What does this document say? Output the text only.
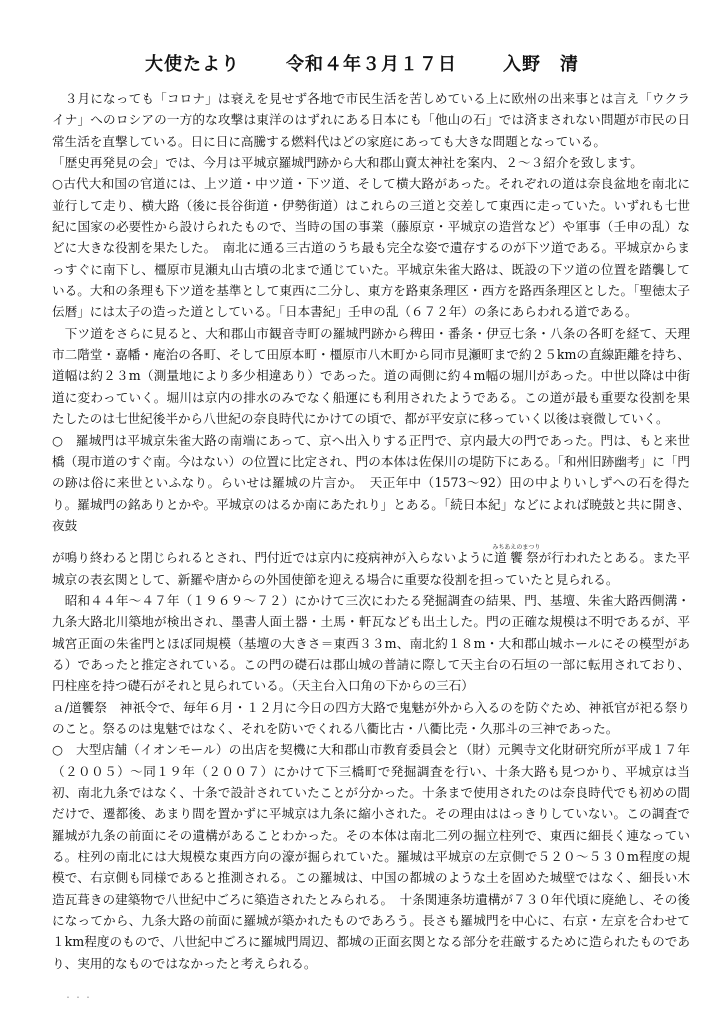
大使たより	令和４年３月１７日	入野　清

　３月になっても「コロナ」は衰えを見せず各地で市民生活を苦しめている上に欧州の出来事とは言え「ウクライナ」へのロシアの一方的な攻撃は東洋のはずれにある日本にも「他山の石」では済まされない問題が市民の日常生活を直撃している。日に日に高騰する燃料代はどの家庭にあっても大きな問題となっている。

「歴史再発見の会」では、今月は平城京羅城門跡から大和郡山賣太神社を案内、２～３紹介を致します。

○古代大和国の官道には、上ツ道・中ツ道・下ツ道、そして横大路があった。それぞれの道は奈良盆地を南北に並行して走り、横大路（後に長谷街道・伊勢街道）はこれらの三道と交差して東西に走っていた。いずれも七世紀に国家の必要性から設けられたもので、当時の国の事業（藤原京・平城京の造営など）や軍事（壬申の乱）などに大きな役割を果たした。　南北に通る三古道のうち最も完全な姿で遺存するのが下ツ道である。平城京からまっすぐに南下し、橿原市見瀬丸山古墳の北まで通じていた。平城京朱雀大路は、既設の下ツ道の位置を踏襲している。大和の条理も下ツ道を基準として東西に二分し、東方を路東条理区・西方を路西条理区とした。「聖徳太子伝暦」には太子の造った道としている。「日本書紀」壬申の乱（６７２年）の条にあらわれる道である。

　下ツ道をさらに見ると、大和郡山市観音寺町の羅城門跡から稗田・番条・伊豆七条・八条の各町を経て、天理市二階堂・嘉幡・庵治の各町、そして田原本町・橿原市八木町から同市見瀬町まで約２５kmの直線距離を持ち、道幅は約２３m（測量地により多少相違あり）であった。道の両側に約４m幅の堀川があった。中世以降は中街道に変わっていく。堀川は京内の排水のみでなく船運にも利用されたようである。この道が最も重要な役割を果たしたのは七世紀後半から八世紀の奈良時代にかけての頃で、都が平安京に移っていく以後は衰微していく。

○　羅城門は平城京朱雀大路の南端にあって、京へ出入りする正門で、京内最大の門であった。門は、もと来世橋（現市道のすぐ南。今はない）の位置に比定され、門の本体は佐保川の堤防下にある。「和州旧跡幽考」に「門の跡は俗に来世といふなり。らいせは羅城の片言か。　天正年中（1573～92）田の中よりいしずへの石を得たり。羅城門の銘ありとかや。平城京のはるか南にあたれり」とある。「続日本紀」などによれば暁鼓と共に開き、夜鼓

が鳴り終わると閉じられるとされ、門付近では京内に疫病神が入らないように道饗祭みちあえのまつりが行われたとある。また平城京の表玄関として、新羅や唐からの外国使節を迎える場合に重要な役割を担っていたと見られる。

　昭和４４年～４７年（１９６９～７２）にかけて三次にわたる発掘調査の結果、門、基壇、朱雀大路西側溝・九条大路北川築地が検出され、墨書人面土器・土馬・軒瓦なども出土した。門の正確な規模は不明であるが、平城宮正面の朱雀門とほぼ同規模（基壇の大きさ＝東西３３m、南北約１８m・大和郡山城ホールにその模型がある）であったと推定されている。この門の礎石は郡山城の普請に際して天主台の石垣の一部に転用されており、円柱座を持つ礎石がそれと見られている。（天主台入口角の下からの三石）

ａ/道饗祭　神祇令で、毎年６月・１２月に今日の四方大路で鬼魅が外から入るのを防ぐため、神祇官が祀る祭りのこと。祭るのは鬼魅ではなく、それを防いでくれる八衢比古・八衢比売・久那斗の三神であった。

○　大型店舗（イオンモール）の出店を契機に大和郡山市教育委員会と（財）元興寺文化財研究所が平成１７年（２００５）～同１９年（２００７）にかけて下三橋町で発掘調査を行い、十条大路も見つかり、平城京は当初、南北九条ではなく、十条で設計されていたことが分かった。十条まで使用されたのは奈良時代でも初めの間だけで、遷都後、あまり間を置かずに平城京は九条に縮小された。その理由ははっきりしていない。この調査で羅城が九条の前面にその遺構があることわかった。その本体は南北二列の掘立柱列で、東西に細長く連なっている。柱列の南北には大規模な東西方向の濠が掘られていた。羅城は平城京の左京側で５２０～５３０m程度の規模で、右京側も同様であると推測される。この羅城は、中国の都城のような土を固めた城壁ではなく、細長い木造瓦葺きの建築物で八世紀中ごろに築造されたとみられる。　十条関連条坊遺構が７３０年代頃に廃絶し、その後になってから、九条大路の前面に羅城が築かれたものであろう。長さも羅城門を中心に、右京・左京を合わせて１km程度のもので、八世紀中ごろに羅城門周辺、都城の正面玄関となる部分を荘厳するために造られたものであり、実用的なものではなかったと考えられる。

・・・
